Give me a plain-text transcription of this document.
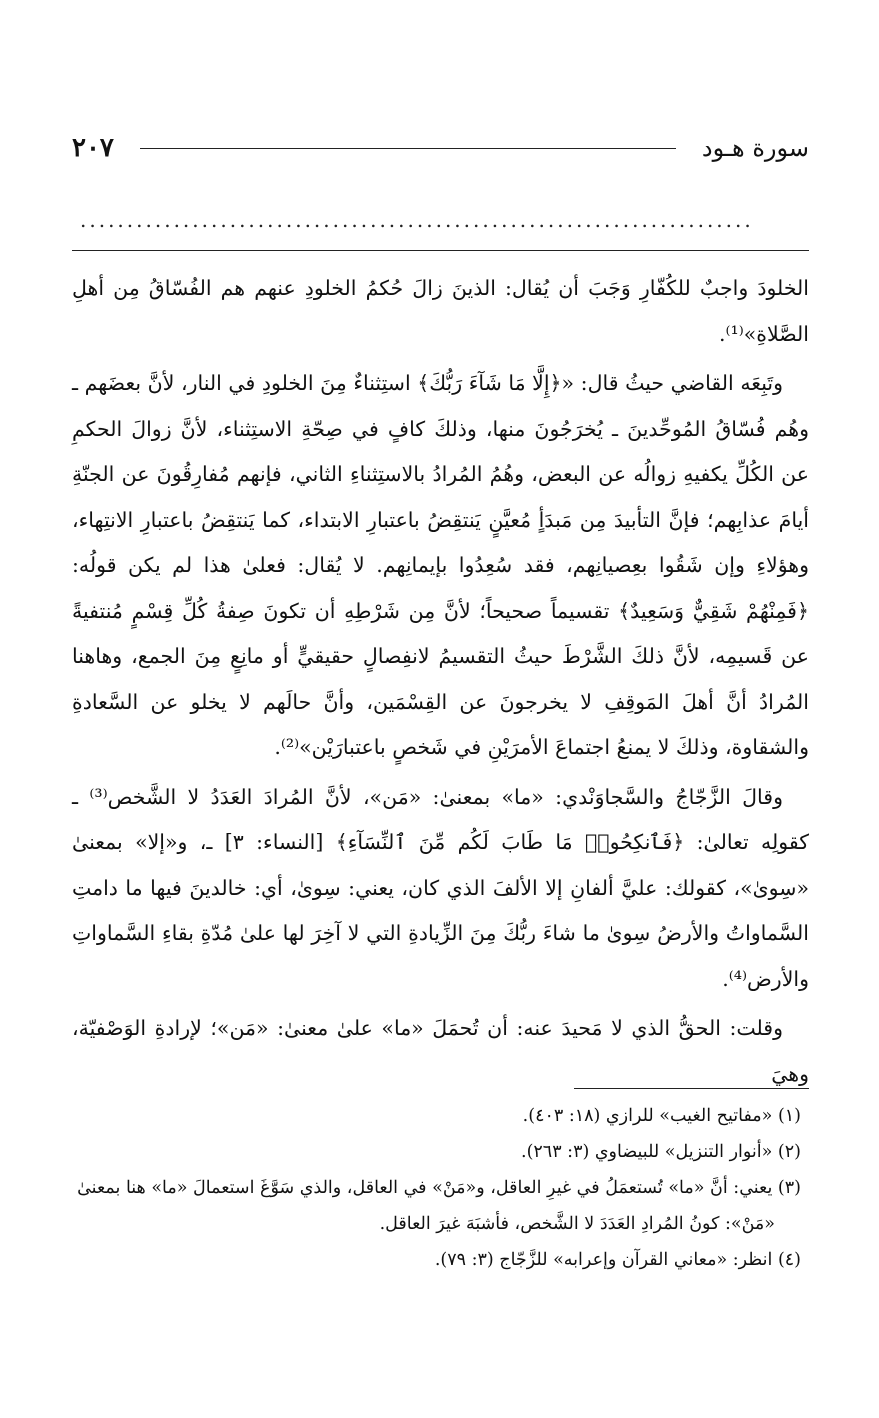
سورة هـود
٢٠٧
........................................................................

الخلودَ واجبٌ للكُفّارِ وَجَبَ أن يُقال: الذينَ زالَ حُكمُ الخلودِ عنهم هم الفُسّاقُ مِن أهلِ الصَّلاةِ»⁽¹⁾.

وتَبِعَه القاضي حيثُ قال: «﴿إِلَّا مَا شَآءَ رَبُّكَ﴾ استِثناءٌ مِنَ الخلودِ في النار، لأنَّ بعضَهم ـ وهُم فُسّاقُ المُوحِّدينَ ـ يُخرَجُونَ منها، وذلكَ كافٍ في صِحّةِ الاستِثناء، لأنَّ زوالَ الحكمِ عن الكُلِّ يكفيهِ زوالُه عن البعض، وهُمُ المُرادُ بالاستِثناءِ الثاني، فإنهم مُفارِقُونَ عن الجنّةِ أيامَ عذابِهم؛ فإنَّ التأبيدَ مِن مَبدَأٍ مُعيَّنٍ يَنتقِضُ باعتبارِ الابتداء، كما يَنتقِضُ باعتبارِ الانتِهاء، وهؤلاءِ وإن شَقُوا بعِصيانِهم، فقد سُعِدُوا بإيمانِهم. لا يُقال: فعلىٰ هذا لم يكن قولُه: ﴿فَمِنْهُمْ شَقِيٌّ وَسَعِيدٌ﴾ تقسيماً صحيحاً؛ لأنَّ مِن شَرْطِهِ أن تكونَ صِفةُ كُلِّ قِسْمٍ مُنتفيةً عن قَسيمِه، لأنَّ ذلكَ الشَّرْطَ حيثُ التقسيمُ لانفِصالٍ حقيقيٍّ أو مانِعٍ مِنَ الجمع، وهاهنا المُرادُ أنَّ أهلَ المَوقِفِ لا يخرجونَ عن القِسْمَين، وأنَّ حالَهم لا يخلو عن السَّعادةِ والشقاوة، وذلكَ لا يمنعُ اجتماعَ الأمرَيْنِ في شَخصٍ باعتبارَيْن»⁽²⁾.

وقالَ الزَّجّاجُ والسَّجاوَنْدي: «ما» بمعنىٰ: «مَن»، لأنَّ المُرادَ العَدَدُ لا الشَّخص⁽³⁾ ـ كقولِه تعالىٰ: ﴿فَٱنكِحُوا۟ مَا طَابَ لَكُم مِّنَ ٱلنِّسَآءِ﴾ [النساء: ٣] ـ، و«إلا» بمعنىٰ «سِوىٰ»، كقولك: عليَّ ألفانِ إلا الألفَ الذي كان، يعني: سِوىٰ، أي: خالدينَ فيها ما دامتِ السَّماواتُ والأرضُ سِوىٰ ما شاءَ ربُّكَ مِنَ الزِّيادةِ التي لا آخِرَ لها علىٰ مُدّةِ بقاءِ السَّماواتِ والأرض⁽⁴⁾.

وقلت: الحقُّ الذي لا مَحيدَ عنه: أن تُحمَلَ «ما» علىٰ معنىٰ: «مَن»؛ لإرادةِ الوَصْفيّة، وهيَ

(١) «مفاتيح الغيب» للرازي (١٨: ٤٠٣).

(٢) «أنوار التنزيل» للبيضاوي (٣: ٢٦٣).

(٣) يعني: أنَّ «ما» تُستعمَلُ في غيرِ العاقل، و«مَنْ» في العاقل، والذي سَوَّغَ استعمالَ «ما» هنا بمعنىٰ

«مَنْ»: كونُ المُرادِ العَدَدَ لا الشَّخص، فأشبَهَ غيرَ العاقل.

(٤) انظر: «معاني القرآن وإعرابه» للزَّجّاج (٣: ٧٩).
